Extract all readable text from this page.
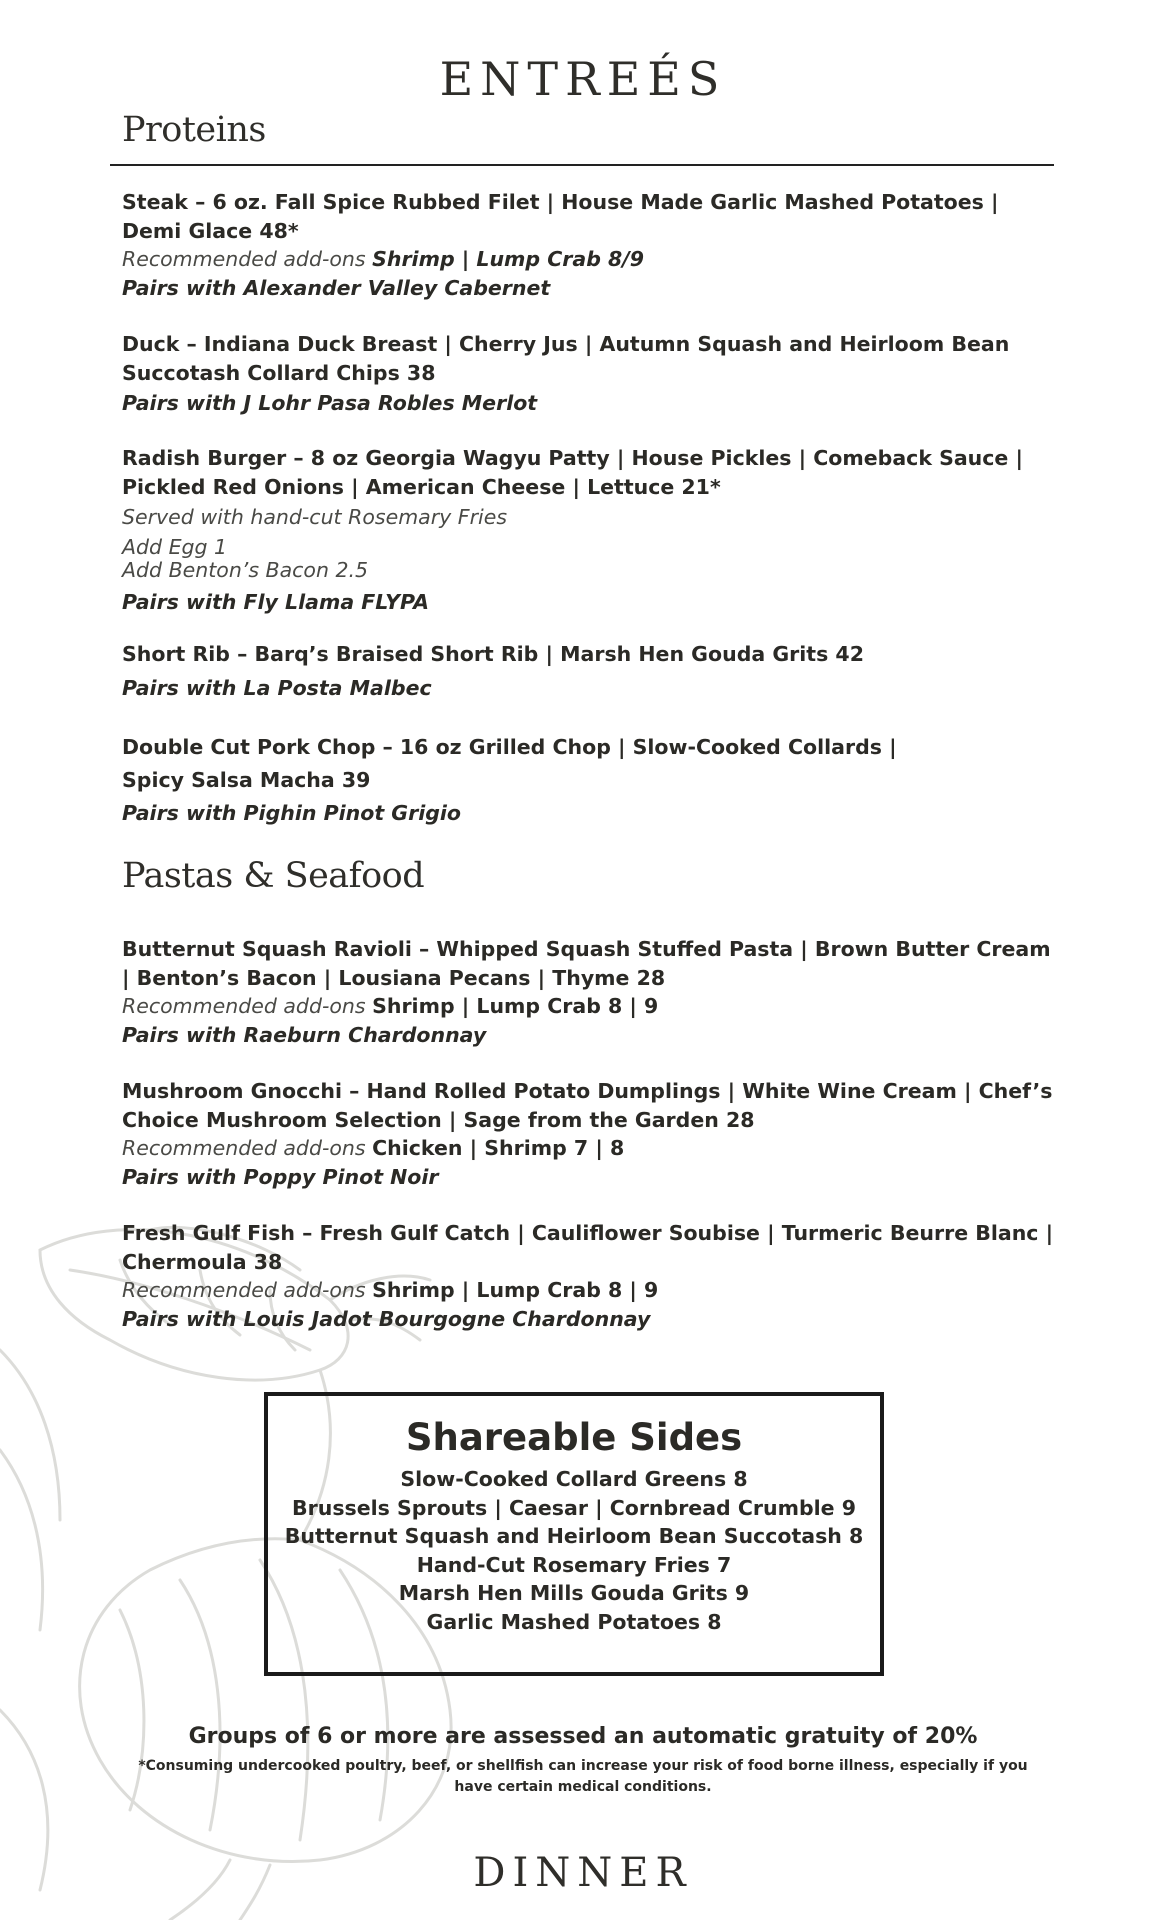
ENTREÉS
Proteins

Steak – 6 oz. Fall Spice Rubbed Filet | House Made Garlic Mashed Potatoes | Demi Glace 48*

Recommended add-ons Shrimp | Lump Crab 8/9

Pairs with Alexander Valley Cabernet

Duck – Indiana Duck Breast | Cherry Jus | Autumn Squash and Heirloom Bean Succotash Collard Chips 38

Pairs with J Lohr Pasa Robles Merlot

Radish Burger – 8 oz Georgia Wagyu Patty | House Pickles | Comeback Sauce | Pickled Red Onions | American Cheese | Lettuce 21*

Served with hand-cut Rosemary Fries

Add Egg 1

Add Benton’s Bacon 2.5

Pairs with Fly Llama FLYPA

Short Rib – Barq’s Braised Short Rib | Marsh Hen Gouda Grits 42

Pairs with La Posta Malbec

Double Cut Pork Chop – 16 oz Grilled Chop | Slow-Cooked Collards | Spicy Salsa Macha 39

Pairs with Pighin Pinot Grigio

Pastas & Seafood

Butternut Squash Ravioli – Whipped Squash Stuffed Pasta | Brown Butter Cream | Benton’s Bacon | Lousiana Pecans | Thyme 28

Recommended add-ons Shrimp | Lump Crab 8 | 9

Pairs with Raeburn Chardonnay

Mushroom Gnocchi – Hand Rolled Potato Dumplings | White Wine Cream | Chef’s Choice Mushroom Selection | Sage from the Garden 28

Recommended add-ons Chicken | Shrimp 7 | 8

Pairs with Poppy Pinot Noir

Fresh Gulf Fish – Fresh Gulf Catch | Cauliflower Soubise | Turmeric Beurre Blanc | Chermoula 38

Recommended add-ons Shrimp | Lump Crab 8 | 9

Pairs with Louis Jadot Bourgogne Chardonnay

Shareable Sides
Slow-Cooked Collard Greens 8
Brussels Sprouts | Caesar | Cornbread Crumble 9
Butternut Squash and Heirloom Bean Succotash 8
Hand-Cut Rosemary Fries 7
Marsh Hen Mills Gouda Grits 9
Garlic Mashed Potatoes 8
Groups of 6 or more are assessed an automatic gratuity of 20%
*Consuming undercooked poultry, beef, or shellfish can increase your risk of food borne illness, especially if you have certain medical conditions.
DINNER
